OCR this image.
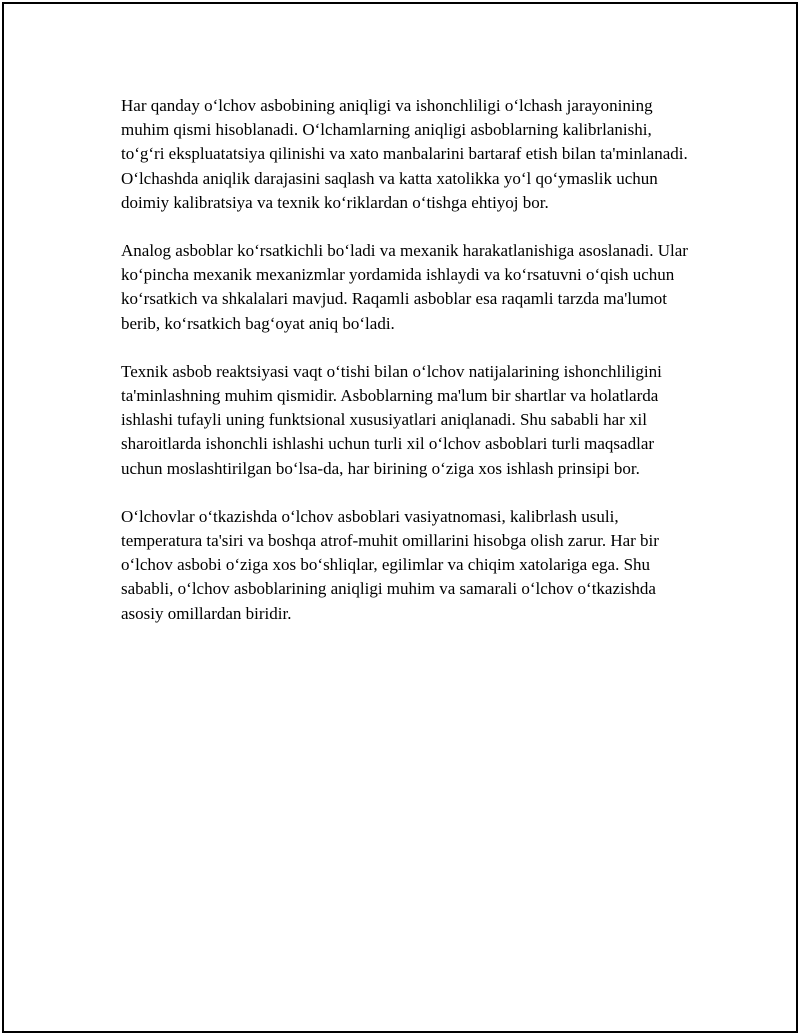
Har qanday oʻlchov asbobining aniqligi va ishonchliligi oʻlchash jarayonining muhim qismi hisoblanadi. Oʻlchamlarning aniqligi asboblarning kalibrlanishi, toʻgʻri ekspluatatsiya qilinishi va xato manbalarini bartaraf etish bilan ta'minlanadi. Oʻlchashda aniqlik darajasini saqlash va katta xatolikka yoʻl qoʻymaslik uchun doimiy kalibratsiya va texnik koʻriklardan oʻtishga ehtiyoj bor.

Analog asboblar koʻrsatkichli boʻladi va mexanik harakatlanishiga asoslanadi. Ular koʻpincha mexanik mexanizmlar yordamida ishlaydi va koʻrsatuvni oʻqish uchun koʻrsatkich va shkalalari mavjud. Raqamli asboblar esa raqamli tarzda ma'lumot berib, koʻrsatkich bagʻoyat aniq boʻladi.

Texnik asbob reaktsiyasi vaqt oʻtishi bilan oʻlchov natijalarining ishonchliligini ta'minlashning muhim qismidir. Asboblarning ma'lum bir shartlar va holatlarda ishlashi tufayli uning funktsional xususiyatlari aniqlanadi. Shu sababli har xil sharoitlarda ishonchli ishlashi uchun turli xil oʻlchov asboblari turli maqsadlar uchun moslashtirilgan boʻlsa-da, har birining oʻziga xos ishlash prinsipi bor.

Oʻlchovlar oʻtkazishda oʻlchov asboblari vasiyatnomasi, kalibrlash usuli, temperatura ta'siri va boshqa atrof-muhit omillarini hisobga olish zarur. Har bir oʻlchov asbobi oʻziga xos boʻshliqlar, egilimlar va chiqim xatolariga ega. Shu sababli, oʻlchov asboblarining aniqligi muhim va samarali oʻlchov oʻtkazishda asosiy omillardan biridir.
